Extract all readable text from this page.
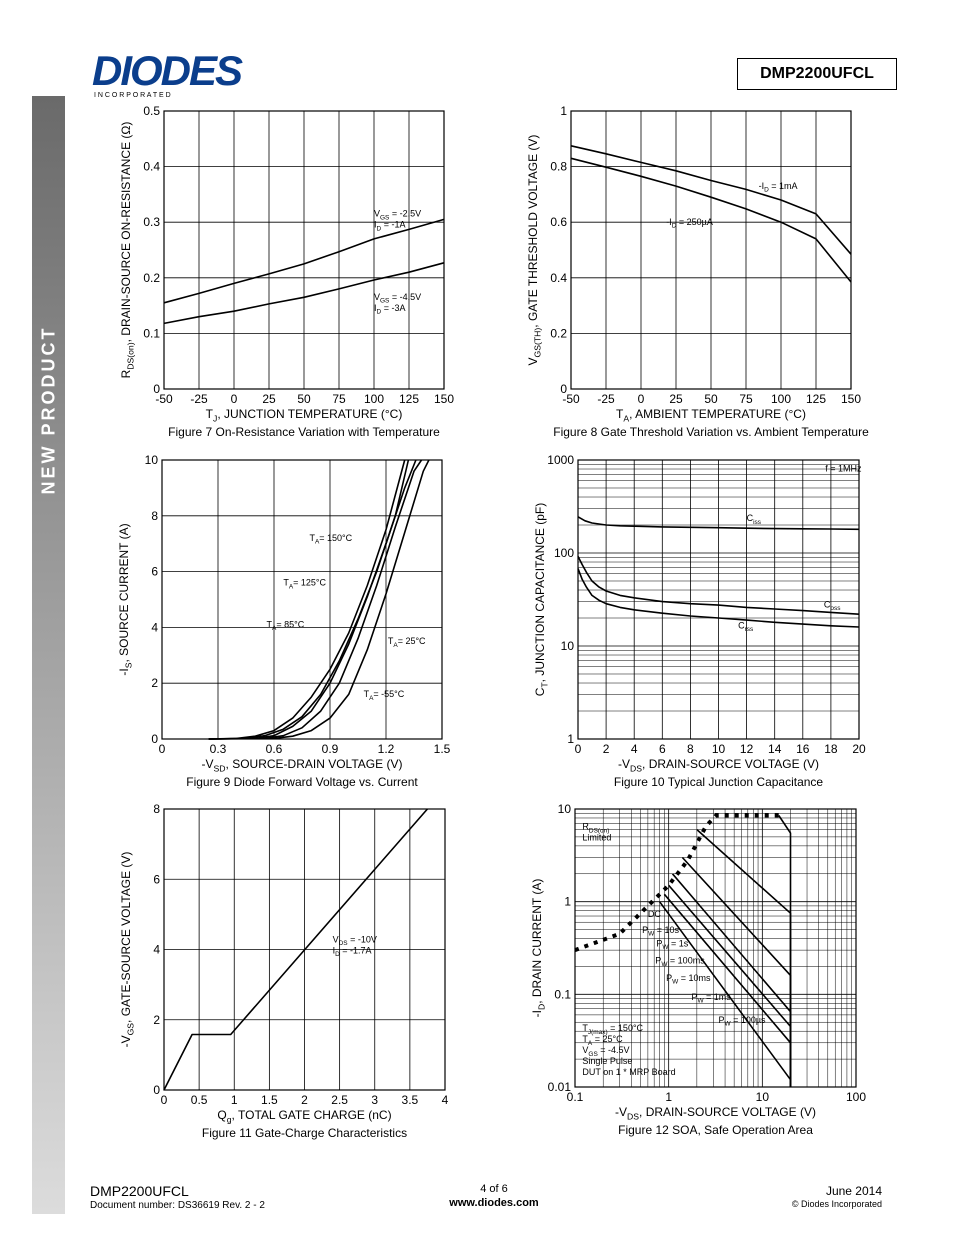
NEW PRODUCT
DIODES
I N C O R P O R A T E D
DMP2200UFCL
-50 -25 0 25 50 75 100 125 150
0
0.1
0.2
0.3
0.4
0.5
$V_{GS} = -2.5V$
$I_D = -1A$
$V_{GS} = -4.5V$
$I_D = -3A$
$T_J$, JUNCTION TEMPERATURE (°C)
$R_{DS(on)}$, DRAIN-SOURCE ON-RESISTANCE (Ω)
Figure 7 On-Resistance Variation with Temperature
-50 -25 0 25 50 75 100 125 150
0
0.2
0.4
0.6
0.8
1
$-I_D = 1mA$
$-I_D = 250\mu A$
$T_A$, AMBIENT TEMPERATURE (°C)
$V_{GS(TH)}$, GATE THRESHOLD VOLTAGE (V)
Figure 8 Gate Threshold Variation vs. Ambient Temperature
0	0.3	0.6	0.9	1.2	1.5
0
2
4
6
8
10
$T_A= 150^\circ C$
$T_A= 125^\circ C$
$T_A= 85^\circ C$
$T_A= 25^\circ C$
$T_A= -55^\circ C$
$-V_{SD}$, SOURCE-DRAIN VOLTAGE (V)
$-I_S$, SOURCE CURRENT (A)
Figure 9 Diode Forward Voltage vs. Current
0 2 4 6 8 10 12 14 16 18 20
1
10
100
1000
$C_{iss}$
$C_{oss}$
$C_{rss}$
f = 1MHz
$-V_{DS}$, DRAIN-SOURCE VOLTAGE (V)
$C_T$, JUNCTION CAPACITANCE (pF)
Figure 10 Typical Junction Capacitance
0 0.5 1 1.5 2 2.5 3 3.5 4
0
2
4
6
8
$V_{DS} = -10V$
$I_D = -1.7A$
$Q_g$, TOTAL GATE CHARGE (nC)
$-V_{GS}$, GATE-SOURCE VOLTAGE (V)
Figure 11 Gate-Charge Characteristics
0.1	1	10	100
0.01
0.1
1
10
$R_{DS(on)}$
Limited
DC
$P_W = 10s$
$P_W = 1s$
$P_W = 100ms$
$P_W = 10ms$
$P_W = 1ms$
$P_W = 100\mu s$
$T_{J(max)} = 150^\circ C$
$T_A = 25^\circ C$
$V_{GS} = -4.5V$
Single Pulse
DUT on 1 * MRP Board
$-V_{DS}$, DRAIN-SOURCE VOLTAGE (V)
$-I_D$, DRAIN CURRENT (A)
Figure 12 SOA, Safe Operation Area
DMP2200UFCL
Document number: DS36619 Rev. 2 - 2
4 of 6
www.diodes.com
June 2014
© Diodes Incorporated
